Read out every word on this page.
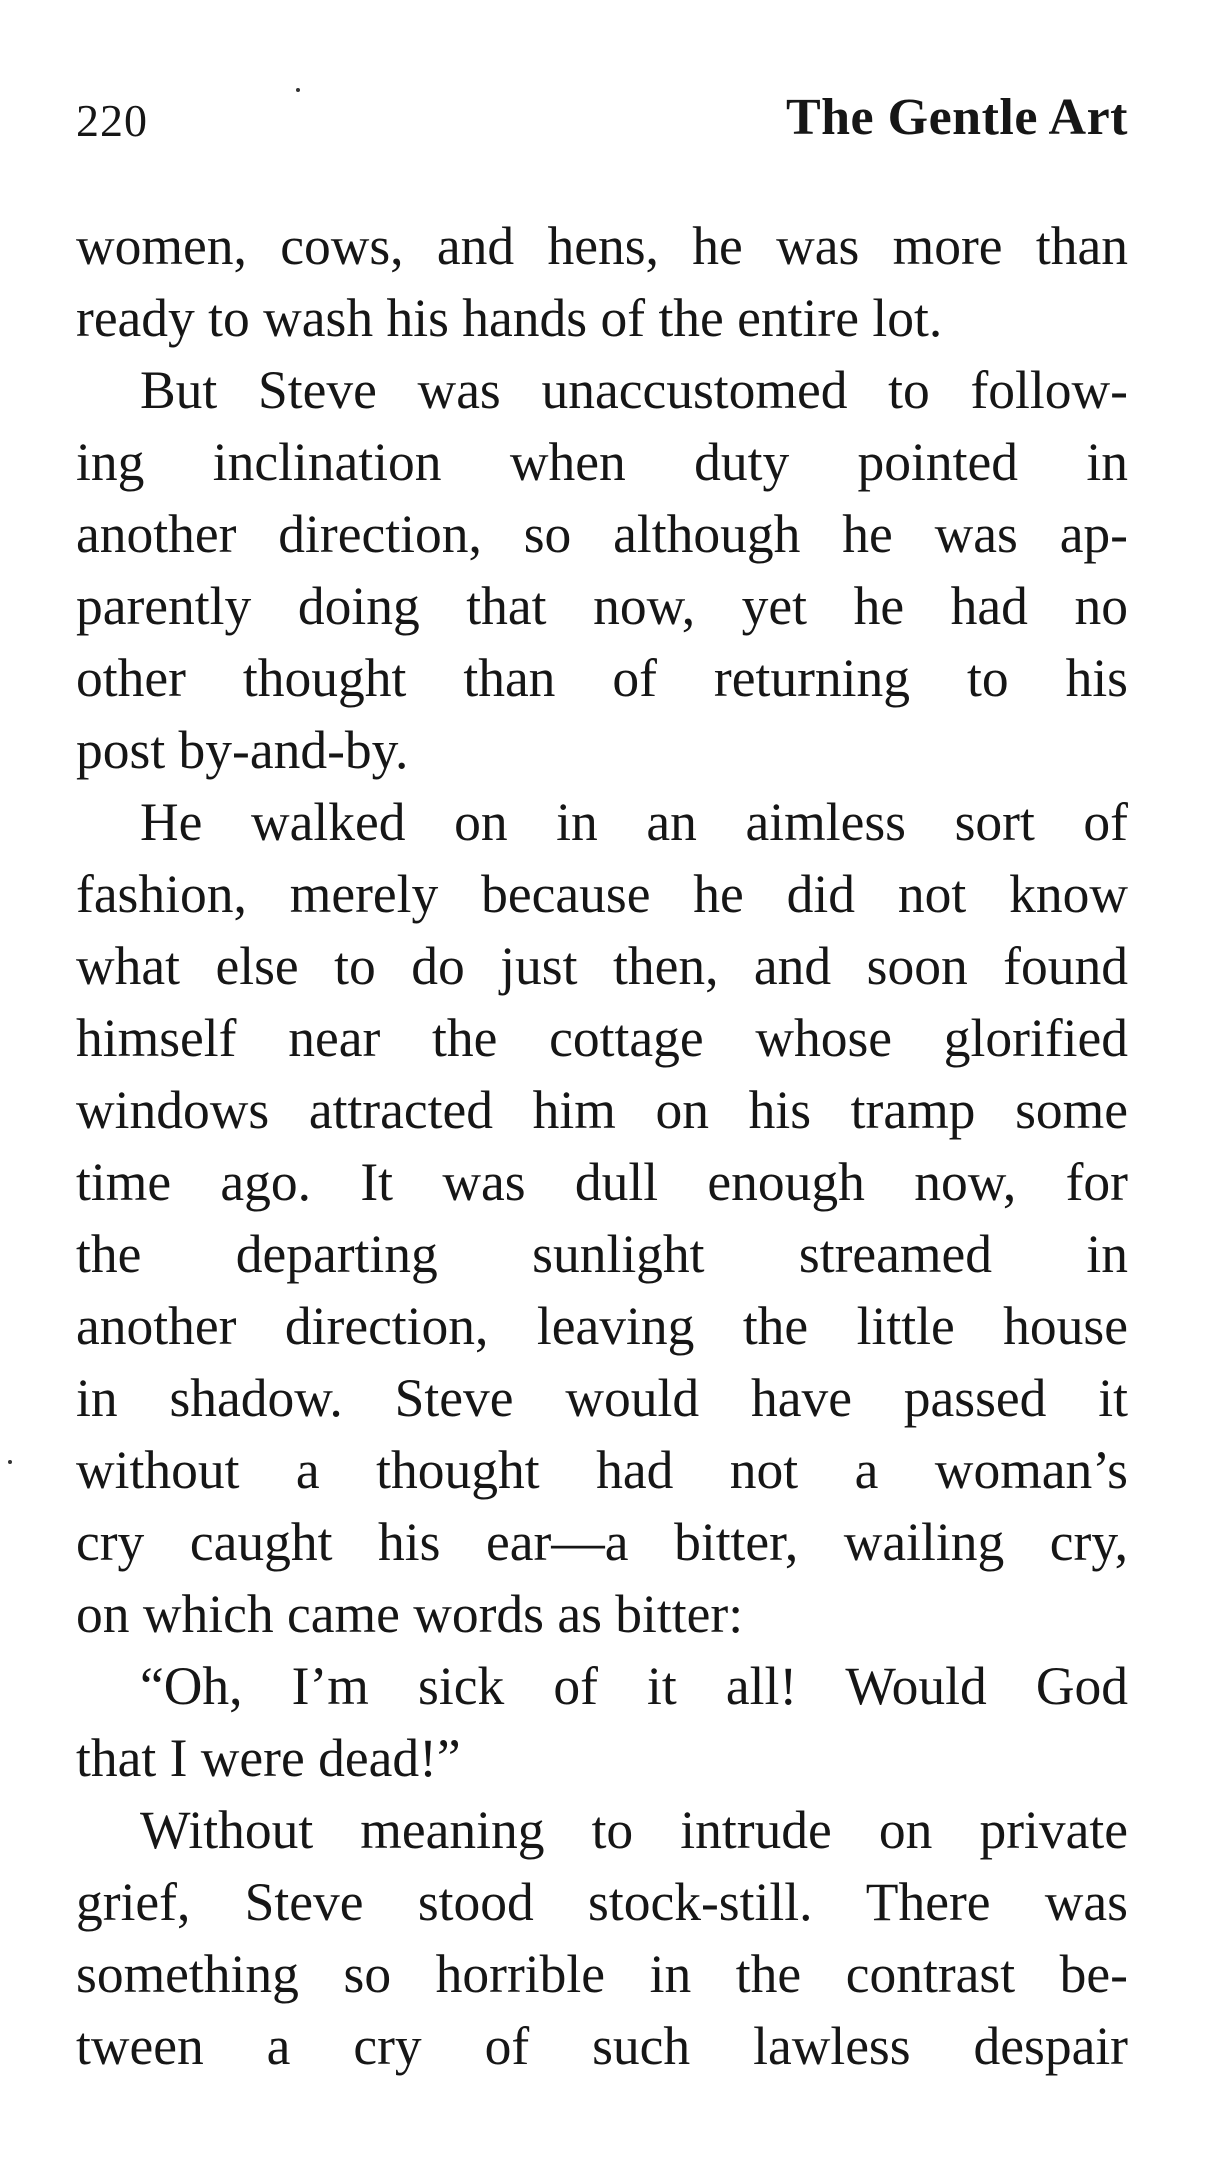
220	The Gentle Art
women, cows, and hens, he was more than
ready to wash his hands of the entire lot.
But Steve was unaccustomed to follow-
ing inclination when duty pointed in
another direction, so although he was ap-
parently doing that now, yet he had no
other thought than of returning to his
post by-and-by.
He walked on in an aimless sort of
fashion, merely because he did not know
what else to do just then, and soon found
himself near the cottage whose glorified
windows attracted him on his tramp some
time ago. It was dull enough now, for
the departing sunlight streamed in
another direction, leaving the little house
in shadow. Steve would have passed it
without a thought had not a woman’s
cry caught his ear—a bitter, wailing cry,
on which came words as bitter:
“Oh, I’m sick of it all! Would God
that I were dead!”
Without meaning to intrude on private
grief, Steve stood stock-still. There was
something so horrible in the contrast be-
tween a cry of such lawless despair
